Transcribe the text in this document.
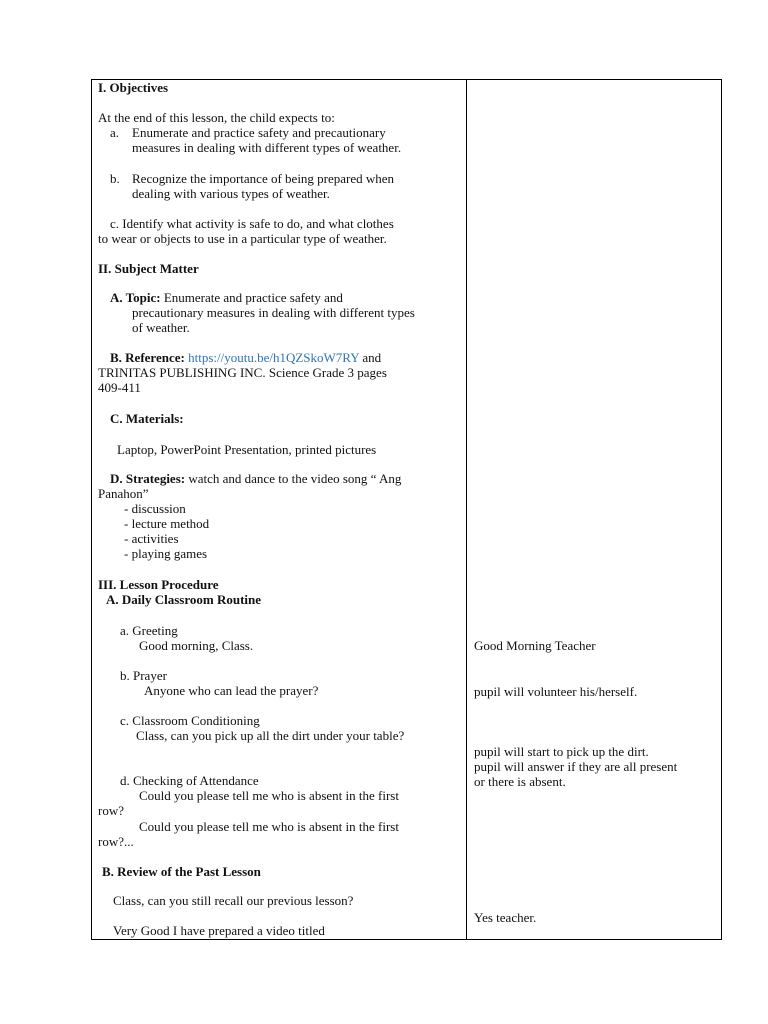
I. Objectives
At the end of this lesson, the child expects to:
a. Enumerate and practice safety and precautionary
measures in dealing with different types of weather.
b. Recognize the importance of being prepared when
dealing with various types of weather.
c. Identify what activity is safe to do, and what clothes
to wear or objects to use in a particular type of weather.
II. Subject Matter
A. Topic: Enumerate and practice safety and
precautionary measures in dealing with different types
of weather.
B. Reference: https://youtu.be/h1QZSkoW7RY and
TRINITAS PUBLISHING INC. Science Grade 3 pages
409-411
C. Materials:
Laptop, PowerPoint Presentation, printed pictures
D. Strategies: watch and dance to the video song “ Ang
Panahon”
- discussion
- lecture method
- activities
- playing games
III. Lesson Procedure
A. Daily Classroom Routine
a. Greeting
Good morning, Class.
b. Prayer
Anyone who can lead the prayer?
c. Classroom Conditioning
Class, can you pick up all the dirt under your table?
d. Checking of Attendance
Could you please tell me who is absent in the first
row?
Could you please tell me who is absent in the first
row?...
B. Review of the Past Lesson
Class, can you still recall our previous lesson?
Very Good I have prepared a video titled
Good Morning Teacher
pupil will volunteer his/herself.
pupil will start to pick up the dirt.
pupil will answer if they are all present
or there is absent.
Yes teacher.
